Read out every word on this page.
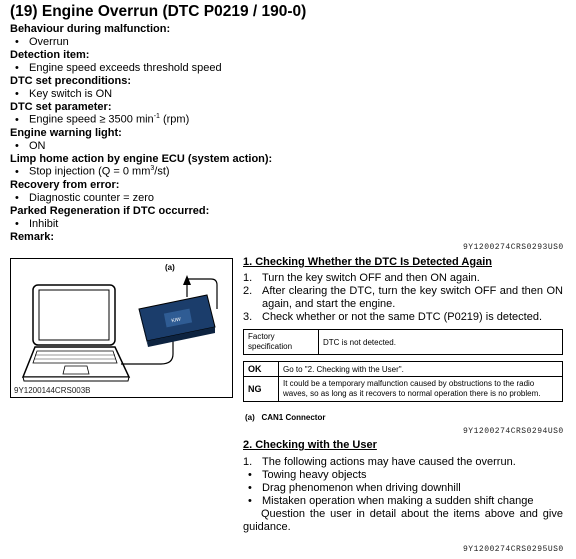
(19) Engine Overrun (DTC P0219 / 190-0)
Behaviour during malfunction:
• Overrun
Detection item:
• Engine speed exceeds threshold speed
DTC set preconditions:
• Key switch is ON
DTC set parameter:
• Engine speed ≥ 3500 $\min^{-1} (rpm)$
Engine warning light:
• ON
Limp home action by engine ECU (system action):
• Stop injection (Q = 0 $mm^3/st$)
Recovery from error:
• Diagnostic counter = zero
Parked Regeneration if DTC occurred:
• Inhibit
Remark:
9Y1200274CRS0293US0
KIW
(a)
9Y1200144CRS003B
1. Checking Whether the DTC Is Detected Again
1. Turn the key switch OFF and then ON again.
2. After clearing the DTC, turn the key switch OFF and then ON again, and start the engine.
3. Check whether or not the same DTC (P0219) is detected.
Factory specification	DTC is not detected.
OK	Go to "2. Checking with the User".
NG	It could be a temporary malfunction caused by obstructions to the radio waves, so as long as it recovers to normal operation there is no problem.
(a)   CAN1 Connector
9Y1200274CRS0294US0
2. Checking with the User
1. The following actions may have caused the overrun.
• Towing heavy objects
• Drag phenomenon when driving downhill
• Mistaken operation when making a sudden shift change
Question the user in detail about the items above and give guidance.
9Y1200274CRS0295US0
